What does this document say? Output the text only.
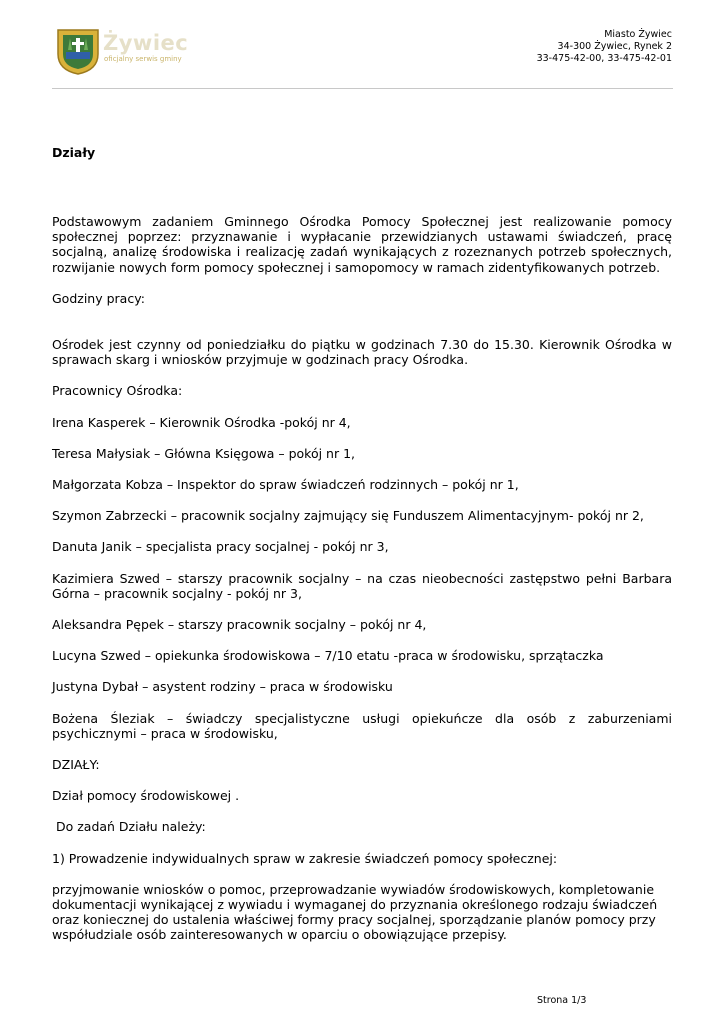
Żywiec
oficjalny serwis gminy
Miasto Żywiec
34-300 Żywiec, Rynek 2
33-475-42-00, 33-475-42-01
Działy

Podstawowym zadaniem Gminnego Ośrodka Pomocy Społecznej jest realizowanie pomocy społecznej poprzez: przyznawanie i wypłacanie przewidzianych ustawami świadczeń, pracę socjalną, analizę środowiska i realizację zadań wynikających z rozeznanych potrzeb społecznych, rozwijanie nowych form pomocy społecznej i samopomocy w ramach zidentyfikowanych potrzeb.

Godziny pracy:

Ośrodek jest czynny od poniedziałku do piątku w godzinach 7.30 do 15.30. Kierownik Ośrodka w sprawach skarg i wniosków przyjmuje w godzinach pracy Ośrodka.

Pracownicy Ośrodka:

Irena Kasperek – Kierownik Ośrodka -pokój nr 4,

Teresa Małysiak – Główna Księgowa – pokój nr 1,

Małgorzata Kobza – Inspektor do spraw świadczeń rodzinnych – pokój nr 1,

Szymon Zabrzecki – pracownik socjalny zajmujący się Funduszem Alimentacyjnym- pokój nr 2,

Danuta Janik – specjalista pracy socjalnej - pokój nr 3,

Kazimiera Szwed – starszy pracownik socjalny – na czas nieobecności zastępstwo pełni Barbara Górna – pracownik socjalny - pokój nr 3,

Aleksandra Pępek – starszy pracownik socjalny – pokój nr 4,

Lucyna Szwed – opiekunka środowiskowa – 7/10 etatu -praca w środowisku, sprzątaczka

Justyna Dybał – asystent rodziny – praca w środowisku

Bożena Śleziak – świadczy specjalistyczne usługi opiekuńcze dla osób z zaburzeniami psychicznymi – praca w środowisku,

DZIAŁY:

Dział pomocy środowiskowej .

Do zadań Działu należy:

1) Prowadzenie indywidualnych spraw w zakresie świadczeń pomocy społecznej:

przyjmowanie wniosków o pomoc, przeprowadzanie wywiadów środowiskowych, kompletowanie dokumentacji wynikającej z wywiadu i wymaganej do przyznania określonego rodzaju świadczeń oraz koniecznej do ustalenia właściwej formy pracy socjalnej, sporządzanie planów pomocy przy współudziale osób zainteresowanych w oparciu o obowiązujące przepisy.

Strona 1/3
